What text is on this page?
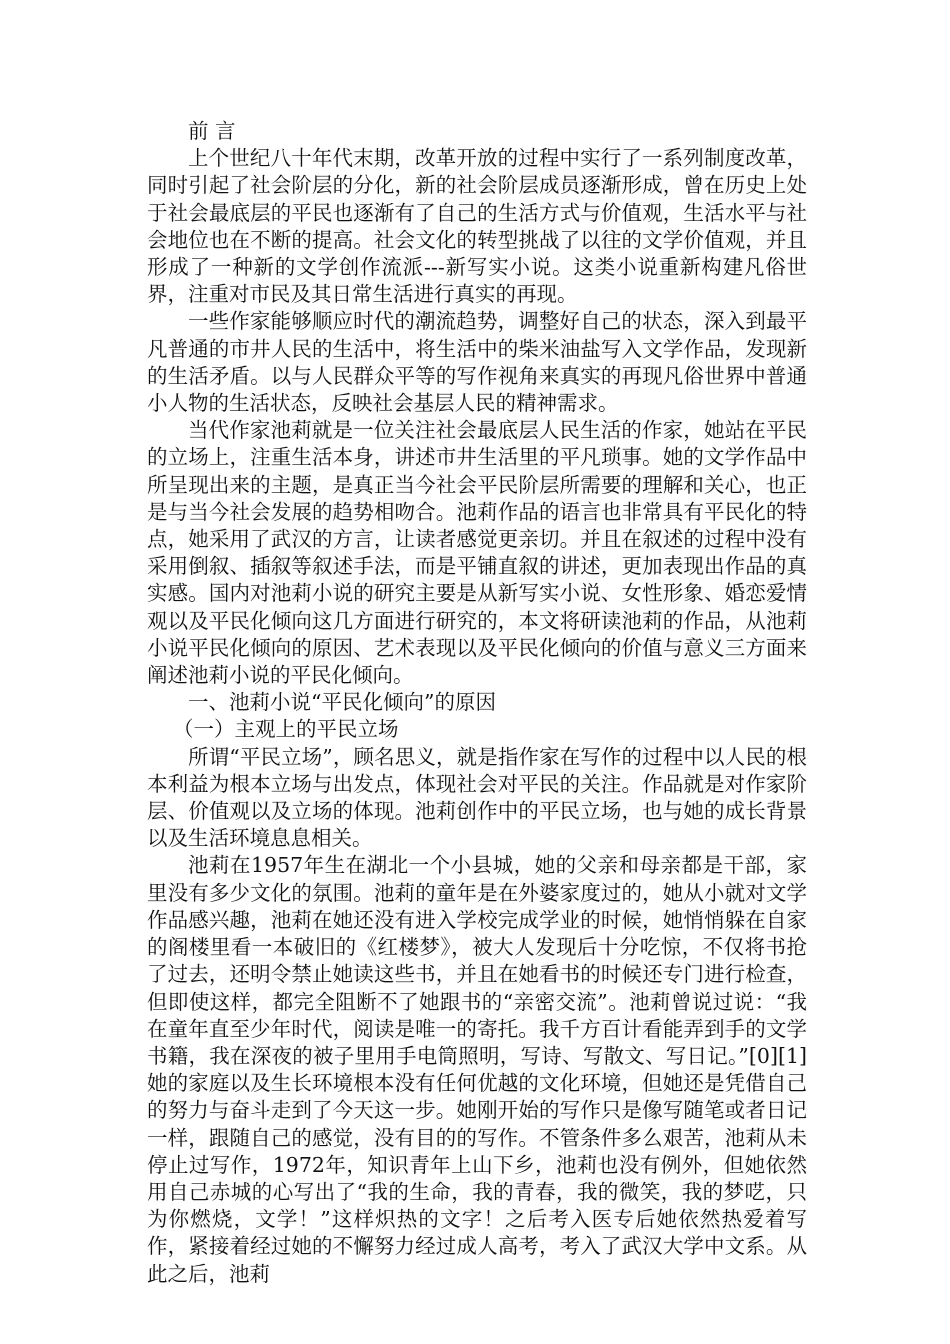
前 言

上个世纪八十年代末期，改革开放的过程中实行了一系列制度改革，同时引起了社会阶层的分化，新的社会阶层成员逐渐形成，曾在历史上处于社会最底层的平民也逐渐有了自己的生活方式与价值观，生活水平与社会地位也在不断的提高。社会文化的转型挑战了以往的文学价值观，并且形成了一种新的文学创作流派---新写实小说。这类小说重新构建凡俗世界，注重对市民及其日常生活进行真实的再现。

一些作家能够顺应时代的潮流趋势，调整好自己的状态，深入到最平凡普通的市井人民的生活中，将生活中的柴米油盐写入文学作品，发现新的生活矛盾。以与人民群众平等的写作视角来真实的再现凡俗世界中普通小人物的生活状态，反映社会基层人民的精神需求。

当代作家池莉就是一位关注社会最底层人民生活的作家，她站在平民的立场上，注重生活本身，讲述市井生活里的平凡琐事。她的文学作品中所呈现出来的主题，是真正当今社会平民阶层所需要的理解和关心，也正是与当今社会发展的趋势相吻合。池莉作品的语言也非常具有平民化的特点，她采用了武汉的方言，让读者感觉更亲切。并且在叙述的过程中没有采用倒叙、插叙等叙述手法，而是平铺直叙的讲述，更加表现出作品的真实感。国内对池莉小说的研究主要是从新写实小说、女性形象、婚恋爱情观以及平民化倾向这几方面进行研究的，本文将研读池莉的作品，从池莉小说平民化倾向的原因、艺术表现以及平民化倾向的价值与意义三方面来阐述池莉小说的平民化倾向。

一、池莉小说“平民化倾向”的原因

（一）主观上的平民立场

所谓“平民立场”，顾名思义，就是指作家在写作的过程中以人民的根本利益为根本立场与出发点，体现社会对平民的关注。作品就是对作家阶层、价值观以及立场的体现。池莉创作中的平民立场，也与她的成长背景以及生活环境息息相关。

池莉在1957年生在湖北一个小县城，她的父亲和母亲都是干部，家里没有多少文化的氛围。池莉的童年是在外婆家度过的，她从小就对文学作品感兴趣，池莉在她还没有进入学校完成学业的时候，她悄悄躲在自家的阁楼里看一本破旧的《红楼梦》，被大人发现后十分吃惊，不仅将书抢了过去，还明令禁止她读这些书，并且在她看书的时候还专门进行检查，但即使这样，都完全阻断不了她跟书的“亲密交流”。池莉曾说过说：“我在童年直至少年时代，阅读是唯一的寄托。我千方百计看能弄到手的文学书籍，我在深夜的被子里用手电筒照明，写诗、写散文、写日记。”[0][1]她的家庭以及生长环境根本没有任何优越的文化环境，但她还是凭借自己的努力与奋斗走到了今天这一步。她刚开始的写作只是像写随笔或者日记一样，跟随自己的感觉，没有目的的写作。不管条件多么艰苦，池莉从未停止过写作，1972年，知识青年上山下乡，池莉也没有例外，但她依然用自己赤城的心写出了“我的生命，我的青春，我的微笑，我的梦呓，只为你燃烧，文学！”这样炽热的文字！之后考入医专后她依然热爱着写作，紧接着经过她的不懈努力经过成人高考，考入了武汉大学中文系。从此之后，池莉
